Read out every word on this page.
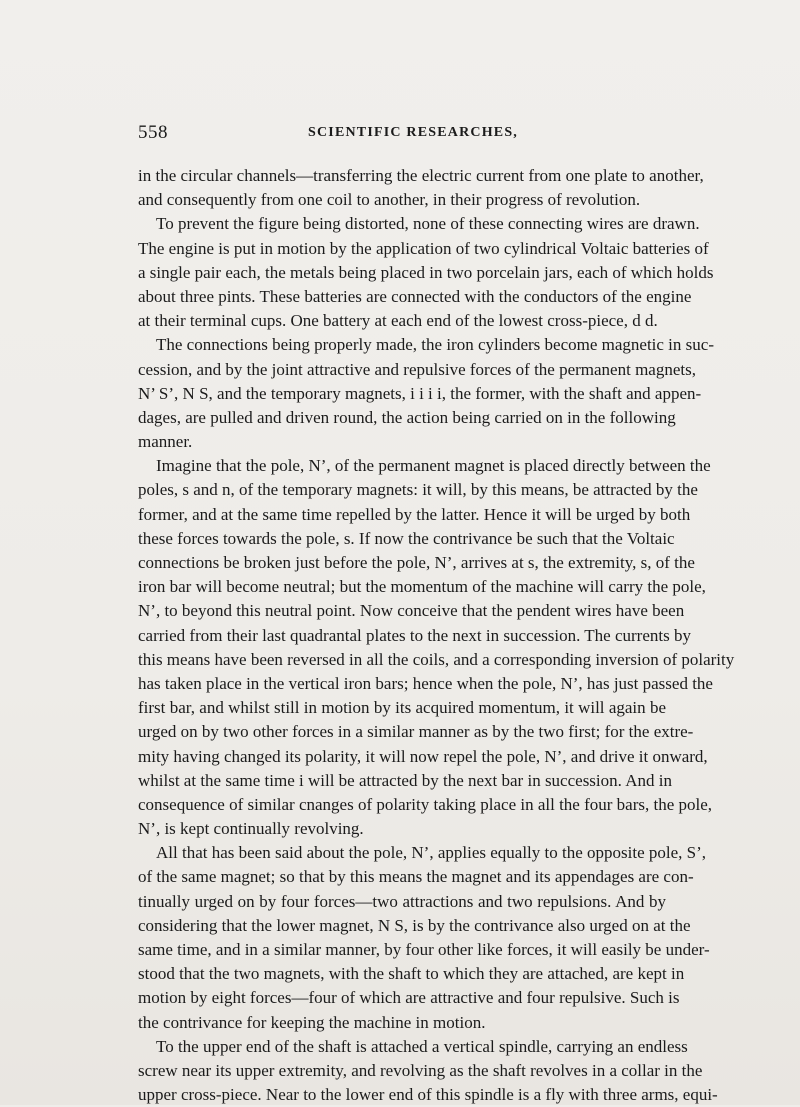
558	SCIENTIFIC RESEARCHES,
in the circular channels—transferring the electric current from one plate to another,
and consequently from one coil to another, in their progress of revolution.
To prevent the figure being distorted, none of these connecting wires are drawn.
The engine is put in motion by the application of two cylindrical Voltaic batteries of
a single pair each, the metals being placed in two porcelain jars, each of which holds
about three pints. These batteries are connected with the conductors of the engine
at their terminal cups. One battery at each end of the lowest cross-piece, d d.
The connections being properly made, the iron cylinders become magnetic in suc-
cession, and by the joint attractive and repulsive forces of the permanent magnets,
N’ S’, N S, and the temporary magnets, i i i i, the former, with the shaft and appen-
dages, are pulled and driven round, the action being carried on in the following
manner.
Imagine that the pole, N’, of the permanent magnet is placed directly between the
poles, s and n, of the temporary magnets: it will, by this means, be attracted by the
former, and at the same time repelled by the latter. Hence it will be urged by both
these forces towards the pole, s. If now the contrivance be such that the Voltaic
connections be broken just before the pole, N’, arrives at s, the extremity, s, of the
iron bar will become neutral; but the momentum of the machine will carry the pole,
N’, to beyond this neutral point. Now conceive that the pendent wires have been
carried from their last quadrantal plates to the next in succession. The currents by
this means have been reversed in all the coils, and a corresponding inversion of polarity
has taken place in the vertical iron bars; hence when the pole, N’, has just passed the
first bar, and whilst still in motion by its acquired momentum, it will again be
urged on by two other forces in a similar manner as by the two first; for the extre-
mity having changed its polarity, it will now repel the pole, N’, and drive it onward,
whilst at the same time i will be attracted by the next bar in succession. And in
consequence of similar cnanges of polarity taking place in all the four bars, the pole,
N’, is kept continually revolving.
All that has been said about the pole, N’, applies equally to the opposite pole, S’,
of the same magnet; so that by this means the magnet and its appendages are con-
tinually urged on by four forces—two attractions and two repulsions. And by
considering that the lower magnet, N S, is by the contrivance also urged on at the
same time, and in a similar manner, by four other like forces, it will easily be under-
stood that the two magnets, with the shaft to which they are attached, are kept in
motion by eight forces—four of which are attractive and four repulsive. Such is
the contrivance for keeping the machine in motion.
To the upper end of the shaft is attached a vertical spindle, carrying an endless
screw near its upper extremity, and revolving as the shaft revolves in a collar in the
upper cross-piece. Near to the lower end of this spindle is a fly with three arms, equi-
